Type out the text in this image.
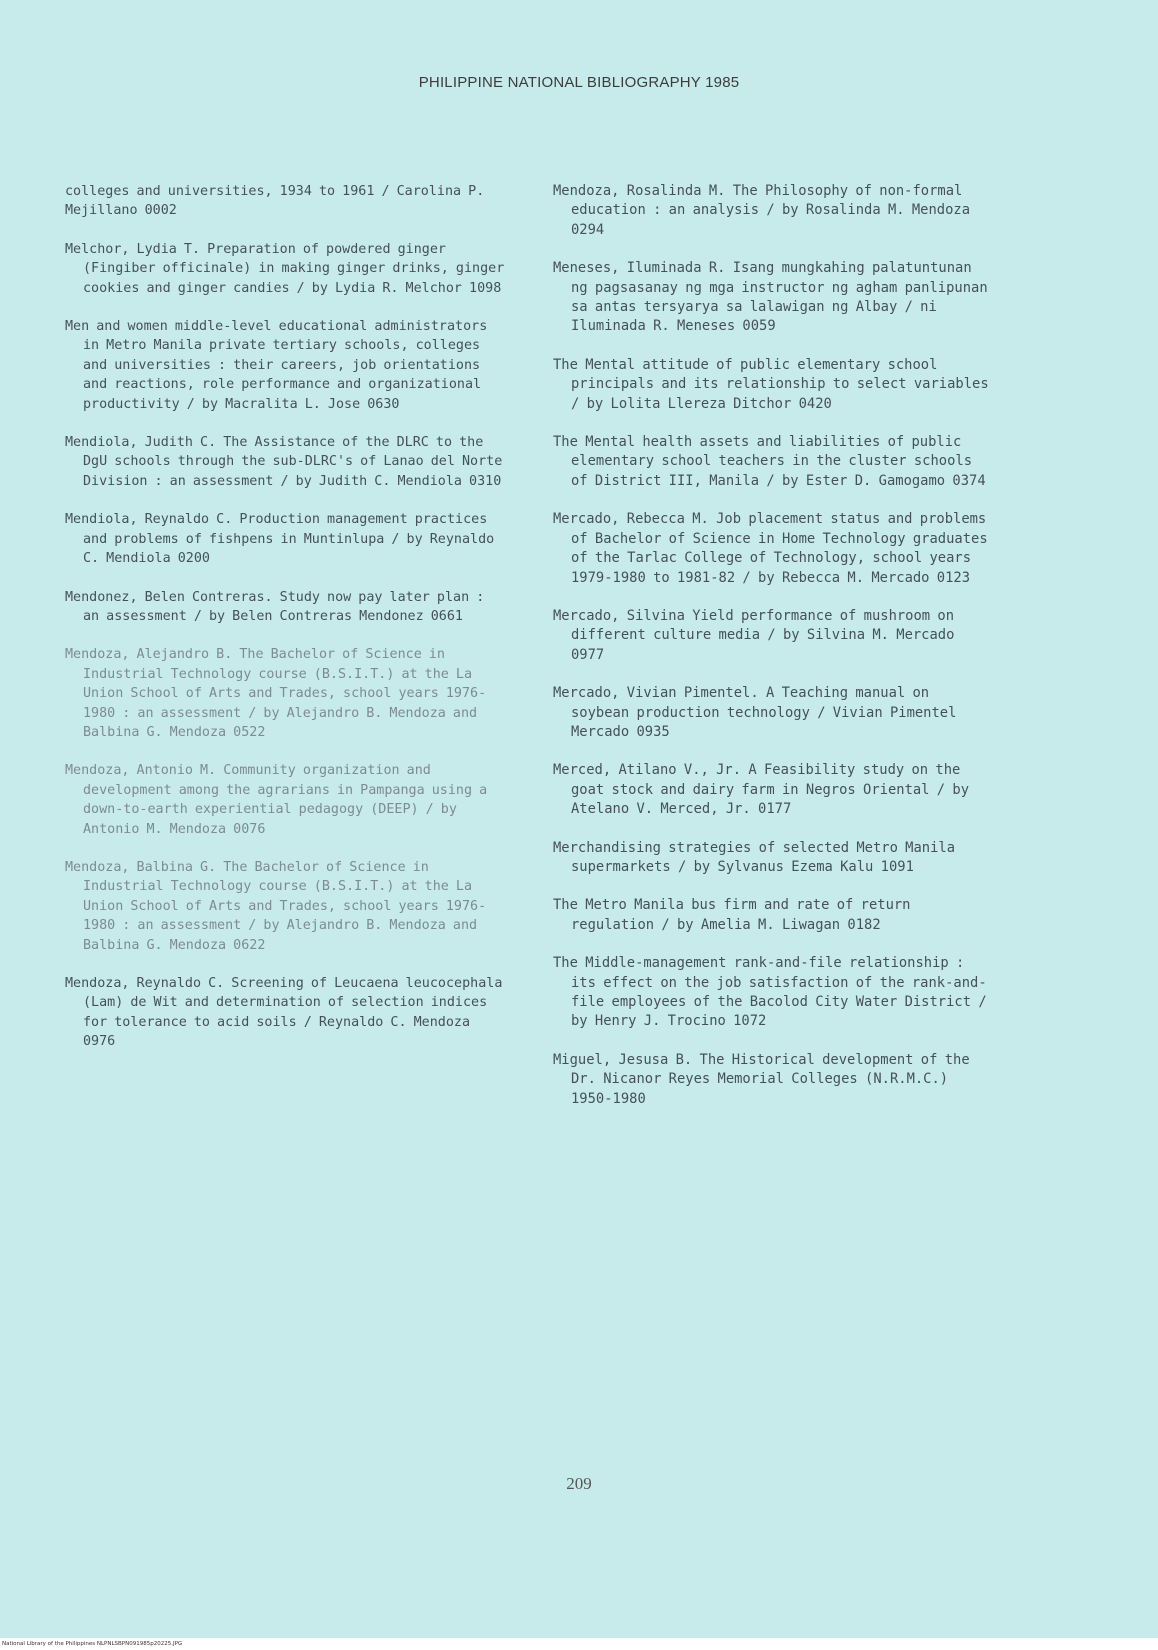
PHILIPPINE NATIONAL BIBLIOGRAPHY 1985
colleges and universities, 1934 to 1961 / Carolina P. Mejillano 0002
Melchor, Lydia T. Preparation of powdered ginger (Fingiber officinale) in making ginger drinks, ginger cookies and ginger candies / by Lydia R. Melchor 1098
Men and women middle-level educational administrators in Metro Manila private tertiary schools, colleges and universities : their careers, job orientations and reactions, role performance and organizational productivity / by Macralita L. Jose 0630
Mendiola, Judith C. The Assistance of the DLRC to the DgU schools through the sub-DLRC's of Lanao del Norte Division : an assessment / by Judith C. Mendiola 0310
Mendiola, Reynaldo C. Production management practices and problems of fishpens in Muntinlupa / by Reynaldo C. Mendiola 0200
Mendonez, Belen Contreras. Study now pay later plan : an assessment / by Belen Contreras Mendonez 0661
Mendoza, Alejandro B. The Bachelor of Science in Industrial Technology course (B.S.I.T.) at the La Union School of Arts and Trades, school years 1976-1980 : an assessment / by Alejandro B. Mendoza and Balbina G. Mendoza 0522
Mendoza, Antonio M. Community organization and development among the agrarians in Pampanga using a down-to-earth experiential pedagogy (DEEP) / by Antonio M. Mendoza 0076
Mendoza, Balbina G. The Bachelor of Science in Industrial Technology course (B.S.I.T.) at the La Union School of Arts and Trades, school years 1976-1980 : an assessment / by Alejandro B. Mendoza and Balbina G. Mendoza 0622
Mendoza, Reynaldo C. Screening of Leucaena leucocephala (Lam) de Wit and determination of selection indices for tolerance to acid soils / Reynaldo C. Mendoza 0976
Mendoza, Rosalinda M. The Philosophy of non-formal education : an analysis / by Rosalinda M. Mendoza 0294
Meneses, Iluminada R. Isang mungkahing palatuntunan ng pagsasanay ng mga instructor ng agham panlipunan sa antas tersyarya sa lalawigan ng Albay / ni Iluminada R. Meneses 0059
The Mental attitude of public elementary school principals and its relationship to select variables / by Lolita Llereza Ditchor 0420
The Mental health assets and liabilities of public elementary school teachers in the cluster schools of District III, Manila / by Ester D. Gamogamo 0374
Mercado, Rebecca M. Job placement status and problems of Bachelor of Science in Home Technology graduates of the Tarlac College of Technology, school years 1979-1980 to 1981-82 / by Rebecca M. Mercado 0123
Mercado, Silvina Yield performance of mushroom on different culture media / by Silvina M. Mercado 0977
Mercado, Vivian Pimentel. A Teaching manual on soybean production technology / Vivian Pimentel Mercado 0935
Merced, Atilano V., Jr. A Feasibility study on the goat stock and dairy farm in Negros Oriental / by Atelano V. Merced, Jr. 0177
Merchandising strategies of selected Metro Manila supermarkets / by Sylvanus Ezema Kalu 1091
The Metro Manila bus firm and rate of return regulation / by Amelia M. Liwagan 0182
The Middle-management rank-and-file relationship : its effect on the job satisfaction of the rank-and-file employees of the Bacolod City Water District / by Henry J. Trocino 1072
Miguel, Jesusa B. The Historical development of the Dr. Nicanor Reyes Memorial Colleges (N.R.M.C.) 1950-1980
209
National Library of the Philippines NLPNLSBPN091985p20225.JPG
